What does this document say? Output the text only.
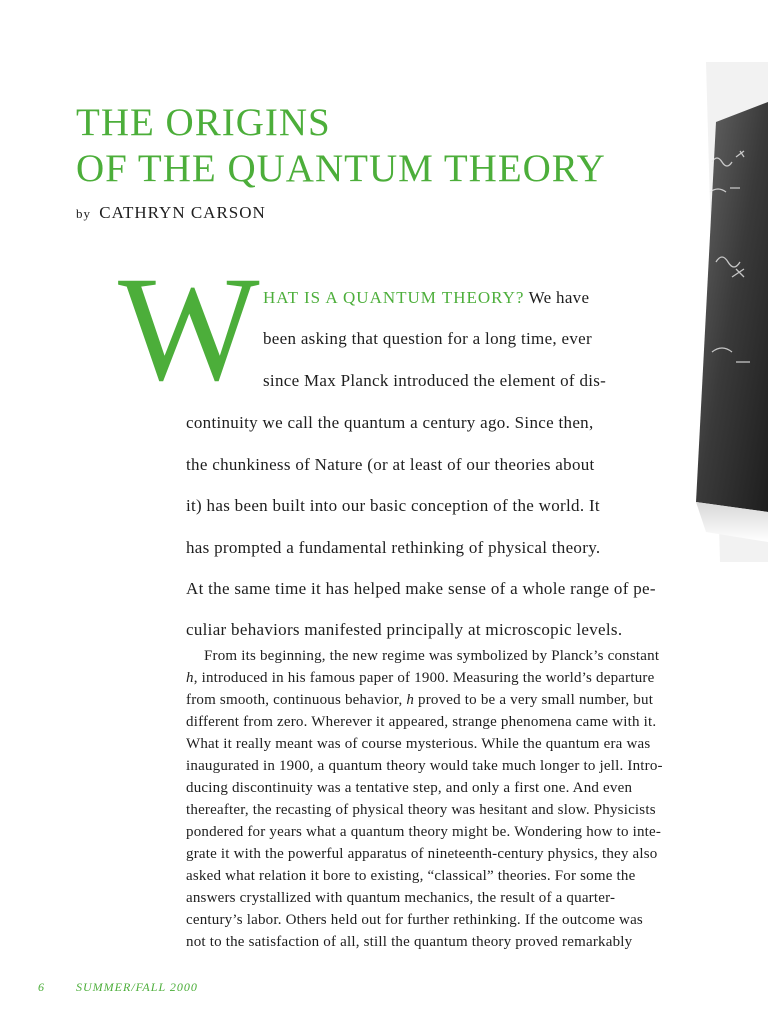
THE ORIGINS
OF THE QUANTUM THEORY
by CATHRYN CARSON
W HAT IS A QUANTUM THEORY? We have
been asking that question for a long time, ever
since Max Planck introduced the element of dis-
continuity we call the quantum a century ago. Since then,
the chunkiness of Nature (or at least of our theories about
it) has been built into our basic conception of the world. It
has prompted a fundamental rethinking of physical theory.
At the same time it has helped make sense of a whole range of pe-
culiar behaviors manifested principally at microscopic levels.
From its beginning, the new regime was symbolized by Planck’s constant
h, introduced in his famous paper of 1900. Measuring the world’s departure
from smooth, continuous behavior, h proved to be a very small number, but
different from zero. Wherever it appeared, strange phenomena came with it.
What it really meant was of course mysterious. While the quantum era was
inaugurated in 1900, a quantum theory would take much longer to jell. Intro-
ducing discontinuity was a tentative step, and only a first one. And even
thereafter, the recasting of physical theory was hesitant and slow. Physicists
pondered for years what a quantum theory might be. Wondering how to inte-
grate it with the powerful apparatus of nineteenth-century physics, they also
asked what relation it bore to existing, “classical” theories. For some the
answers crystallized with quantum mechanics, the result of a quarter-
century’s labor. Others held out for further rethinking. If the outcome was
not to the satisfaction of all, still the quantum theory proved remarkably
6	SUMMER/FALL 2000
